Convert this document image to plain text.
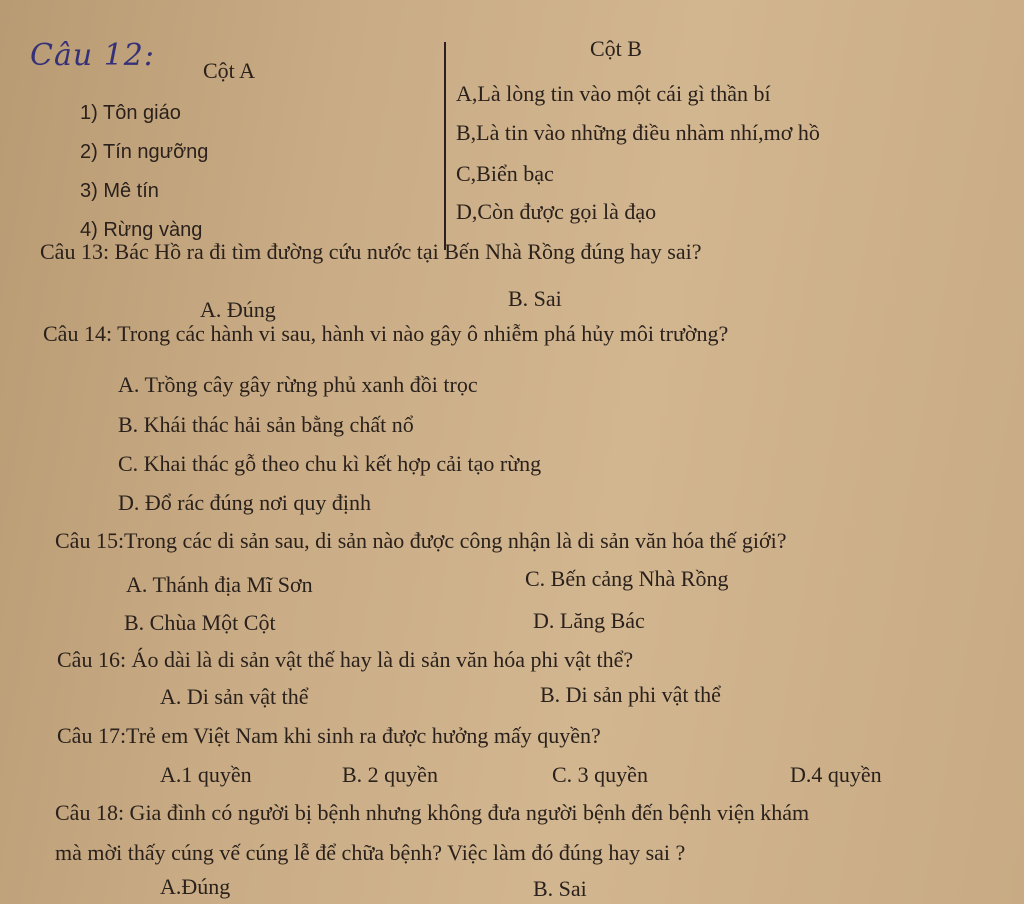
Câu 12: Cột A
Cột B
1) Tôn giáo
2) Tín ngưỡng
3) Mê tín
4) Rừng vàng
A,Là lòng tin vào một cái gì thần bí
B,Là tin vào những điều nhàm nhí,mơ hồ
C,Biển bạc
D,Còn được gọi là đạo
Câu 13: Bác Hồ ra đi tìm đường cứu nước tại Bến Nhà Rồng đúng hay sai?
A. Đúng	B. Sai
Câu 14: Trong các hành vi sau, hành vi nào gây ô nhiễm phá hủy môi trường?
A. Trồng cây gây rừng phủ xanh đồi trọc
B. Khái thác hải sản bằng chất nổ
C. Khai thác gỗ theo chu kì kết hợp cải tạo rừng
D. Đổ rác đúng nơi quy định
Câu 15:Trong các di sản sau, di sản nào được công nhận là di sản văn hóa thế giới?
A. Thánh địa Mĩ Sơn
B. Chùa Một Cột
C. Bến cảng Nhà Rồng
D. Lăng Bác
Câu 16: Áo dài là di sản vật thế hay là di sản văn hóa phi vật thể?
A. Di sản vật thể	B. Di sản phi vật thể
Câu 17:Trẻ em Việt Nam khi sinh ra được hưởng mấy quyền?
A.1 quyền	B. 2 quyền	C. 3 quyền	D.4 quyền
Câu 18: Gia đình có người bị bệnh nhưng không đưa người bệnh đến bệnh viện khám
mà mời thấy cúng vế cúng lễ để chữa bệnh? Việc làm đó đúng hay sai ?
A.Đúng	B. Sai
